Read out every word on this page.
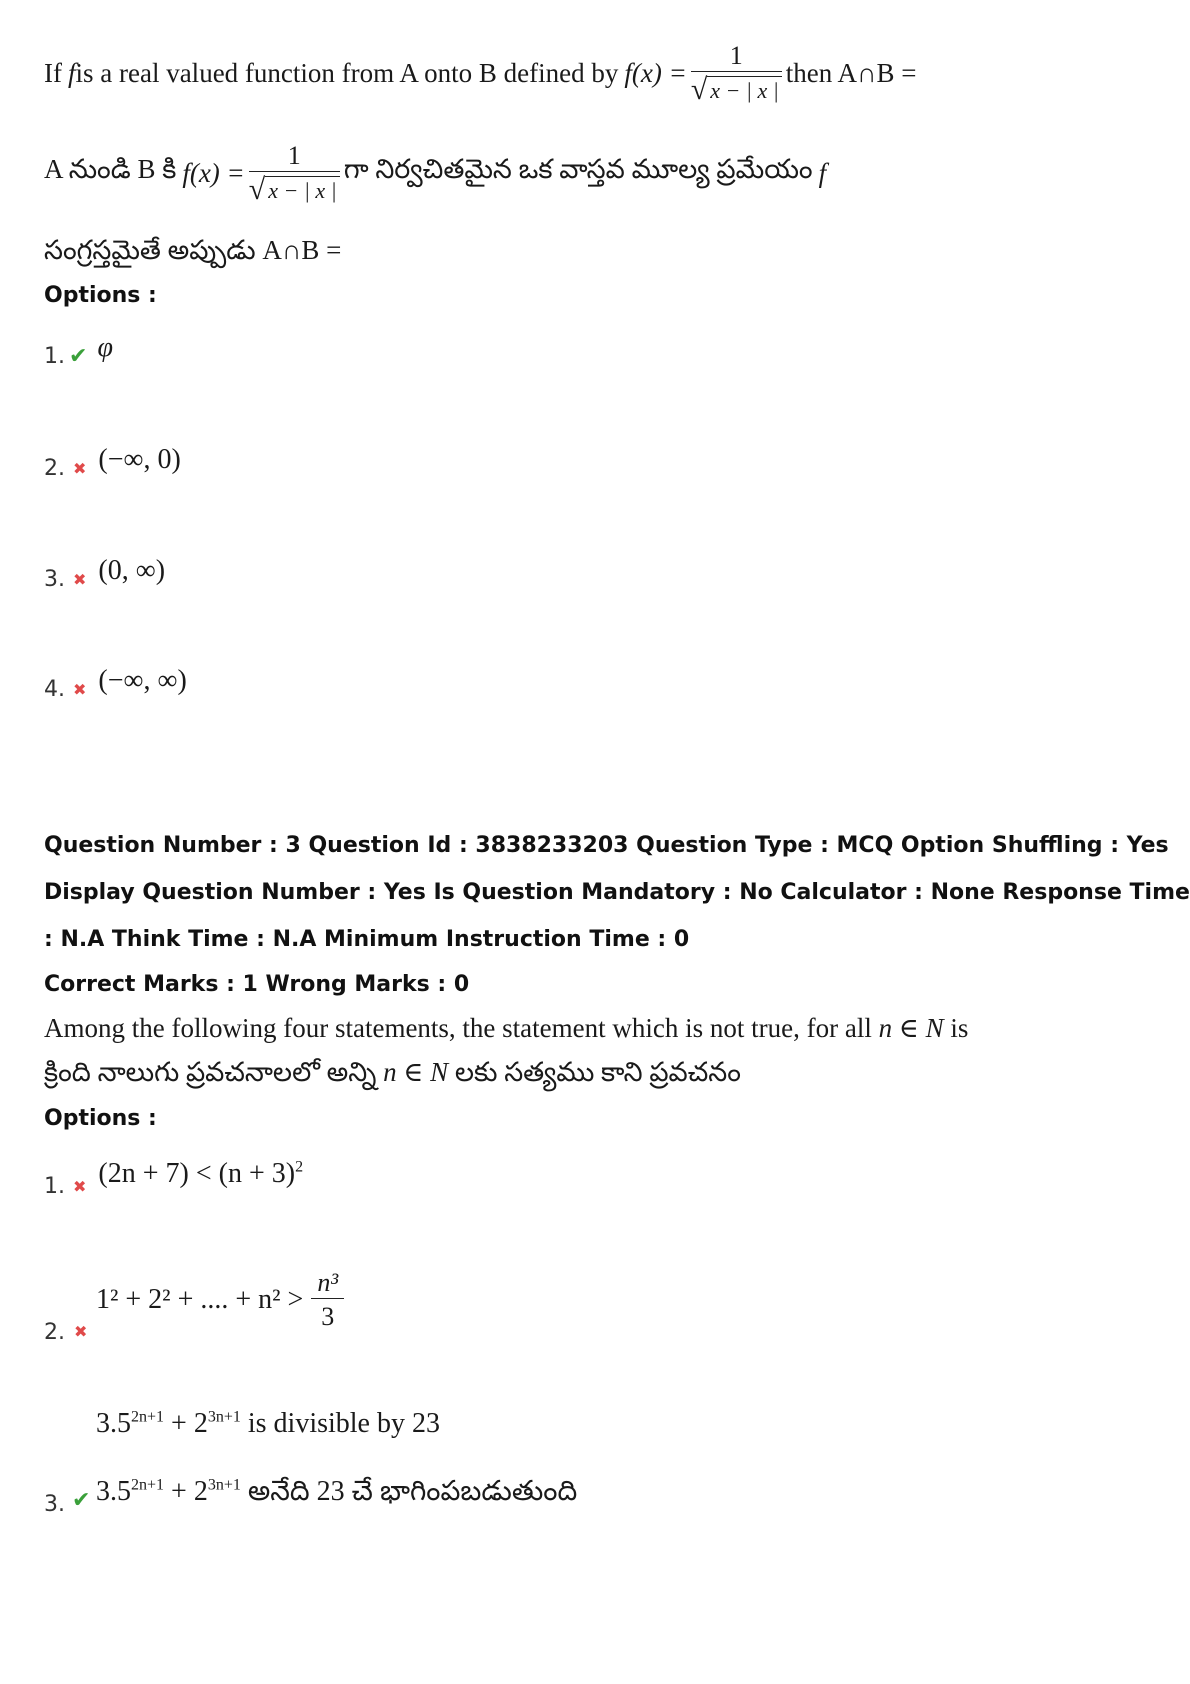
If f is a real valued function from A onto B defined by $f(x) = \frac{1}{√ x - | x |}$ then A∩B =
A నుండి B కి $f(x) = \frac{1}{√ x - | x |}$ గా నిర్వచితమైన ఒక వాస్తవ మూల్య ప్రమేయం f
సంగ్రస్తమైతే అప్పుడు A∩B =
Options :
1. ✔ φ
2. ✖ (−∞, 0)
3. ✖ (0, ∞)
4. ✖ (−∞, ∞)
Question Number : 3 Question Id : 3838233203 Question Type : MCQ Option Shuffling : Yes
Display Question Number : Yes Is Question Mandatory : No Calculator : None Response Time
: N.A Think Time : N.A Minimum Instruction Time : 0
Correct Marks : 1 Wrong Marks : 0
Among the following four statements, the statement which is not true, for all n ∈ N is
క్రింది నాలుగు ప్రవచనాలలో అన్ని n ∈ N లకు సత్యము కాని ప్రవచనం
Options :
1. ✖ $(2n + 7) < (n + 3)^2$
2. ✖
1² + 2² + .... + $n^2 > \frac{\text{n³}}{3}$
$3.5^{2n+1} + 2^{3n+1}$ is divisible by 23
3. ✔ $3.5^{2n+1} + 2^{3n+1}$ అనేది 23 చే భాగింపబడుతుంది
